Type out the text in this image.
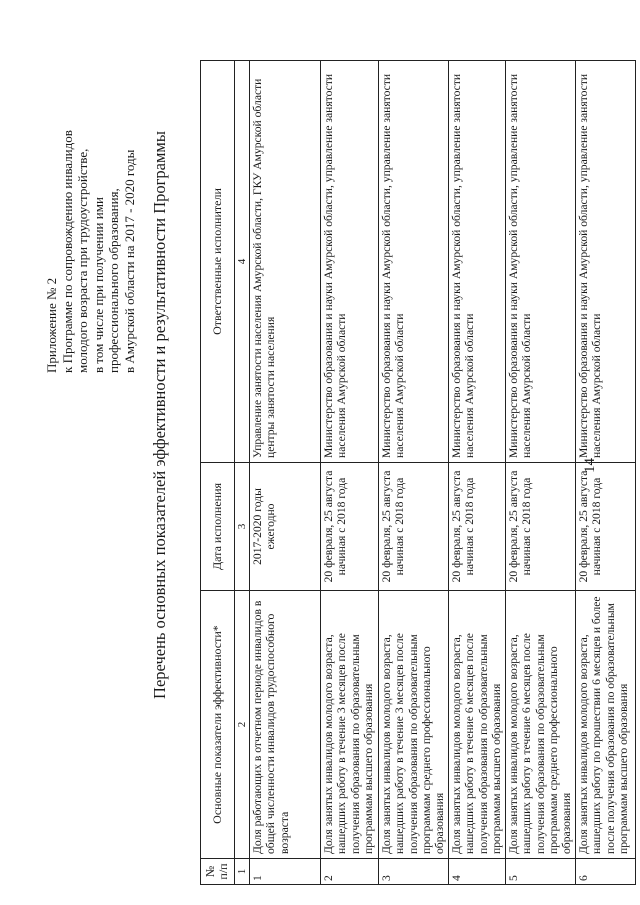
14
Приложение № 2 к Программе по сопровождению инвалидов молодого возраста при трудоустройстве, в том числе при получении ими профессионального образования, в Амурской области на 2017 - 2020 годы Перечень основных показателей эффективности и результативности Программы
№ п/п	Основные показатели эффективности*	Дата исполнения	Ответственные исполнители
1	2	3	4
1	Доля работающих в отчетном периоде инвалидов в общей численности инвалидов трудоспособного возраста	2017-2020 годы ежегодно	Управление занятости населения Амурской области, ГКУ Амурской области центры занятости населения
2	Доля занятых инвалидов молодого возраста, нашедших работу в течение 3 месяцев после получения образования по образовательным программам высшего образования	20 февраля, 25 августа начиная с 2018 года	Министерство образования и науки Амурской области, управление занятости населения Амурской области
3	Доля занятых инвалидов молодого возраста, нашедших работу в течение 3 месяцев после получения образования по образовательным программам среднего профессионального образования	20 февраля, 25 августа начиная с 2018 года	Министерство образования и науки Амурской области, управление занятости населения Амурской области
4	Доля занятых инвалидов молодого возраста, нашедших работу в течение 6 месяцев после получения образования по образовательным программам высшего образования	20 февраля, 25 августа начиная с 2018 года	Министерство образования и науки Амурской области, управление занятости населения Амурской области
5	Доля занятых инвалидов молодого возраста, нашедших работу в течение 6 месяцев после получения образования по образовательным программам среднего профессионального образования	20 февраля, 25 августа начиная с 2018 года	Министерство образования и науки Амурской области, управление занятости населения Амурской области
6	Доля занятых инвалидов молодого возраста, нашедших работу по прошествии 6 месяцев и более после получения образования по образовательным программам высшего образования	20 февраля, 25 августа начиная с 2018 года	Министерство образования и науки Амурской области, управление занятости населения Амурской области
